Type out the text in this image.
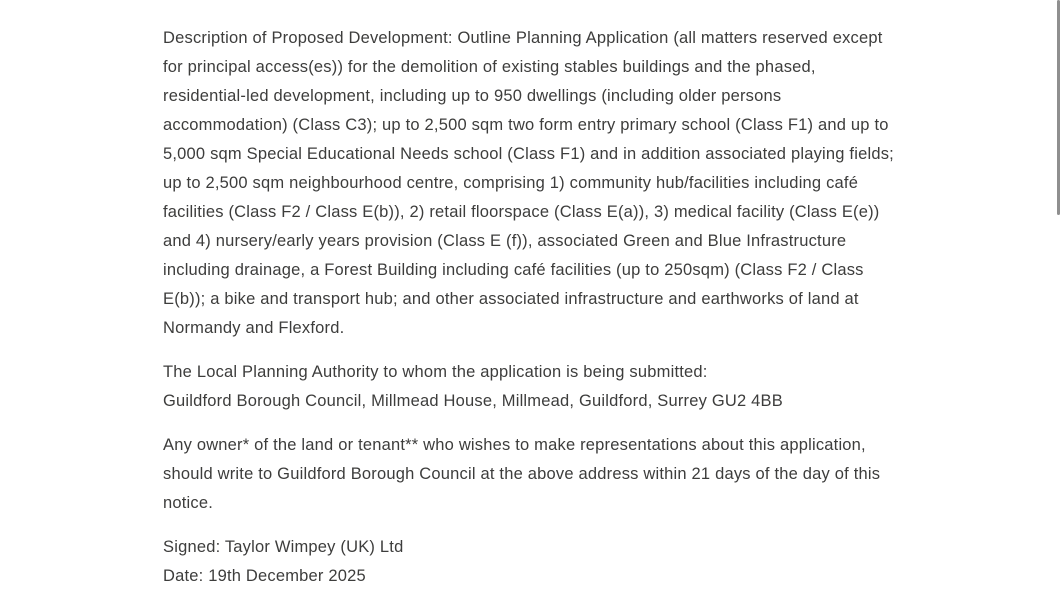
Description of Proposed Development: Outline Planning Application (all matters reserved except for principal access(es)) for the demolition of existing stables buildings and the phased, residential-led development, including up to 950 dwellings (including older persons accommodation) (Class C3); up to 2,500 sqm two form entry primary school (Class F1) and up to 5,000 sqm Special Educational Needs school (Class F1) and in addition associated playing fields; up to 2,500 sqm neighbourhood centre, comprising 1) community hub/facilities including café facilities (Class F2 / Class E(b)), 2) retail floorspace (Class E(a)), 3) medical facility (Class E(e)) and 4) nursery/early years provision (Class E (f)), associated Green and Blue Infrastructure including drainage, a Forest Building including café facilities (up to 250sqm) (Class F2 / Class E(b)); a bike and transport hub; and other associated infrastructure and earthworks of land at Normandy and Flexford.

The Local Planning Authority to whom the application is being submitted:
Guildford Borough Council, Millmead House, Millmead, Guildford, Surrey GU2 4BB

Any owner* of the land or tenant** who wishes to make representations about this application, should write to Guildford Borough Council at the above address within 21 days of the day of this notice.

Signed: Taylor Wimpey (UK) Ltd
Date: 19th December 2025
